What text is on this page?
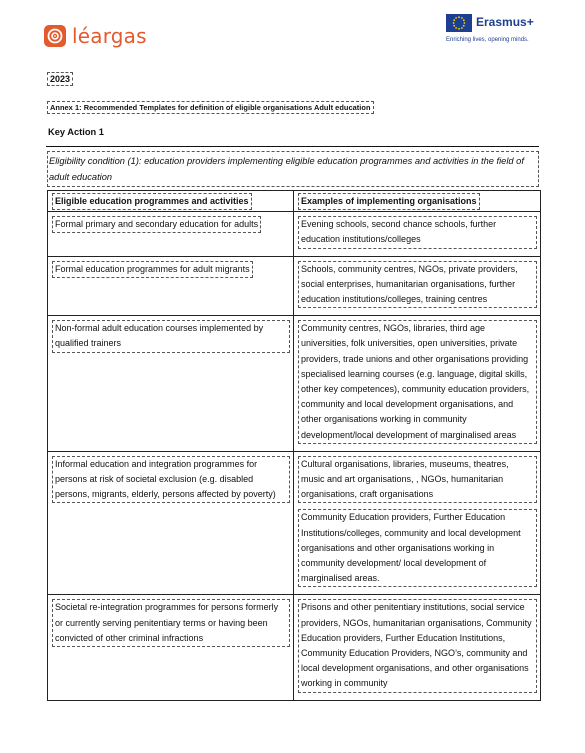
léargas
Erasmus+
Enriching lives, opening minds.
2023
Annex 1: Recommended Templates for definition of eligible organisations Adult education
Key Action 1
Eligibility condition (1): education providers implementing eligible education programmes and activities in the field of adult education
Eligible education programmes and activities	Examples of implementing organisations
Formal primary and secondary education for adults	Evening schools, second chance schools, further education institutions/colleges

Formal education programmes for adult migrants	Schools, community centres, NGOs, private providers, social enterprises, humanitarian organisations, further education institutions/colleges, training centres

Non-formal adult education courses implemented by qualified trainers	Community centres, NGOs, libraries, third age universities, folk universities, open universities, private providers, trade unions and other organisations providing specialised learning courses (e.g. language, digital skills, other key competences), community education providers, community and local development organisations, and other organisations working in community development/local development of marginalised areas

Informal education and integration programmes for persons at risk of societal exclusion (e.g. disabled persons, migrants, elderly, persons affected by poverty)	Cultural organisations, libraries, museums, theatres, music and art organisations, , NGOs, humanitarian organisations, craft organisations
Community Education providers, Further Education Institutions/colleges, community and local development organisations and other organisations working in community development/ local development of marginalised areas.

Societal re-integration programmes for persons formerly or currently serving penitentiary terms or having been convicted of other criminal infractions	Prisons and other penitentiary institutions, social service providers, NGOs, humanitarian organisations, Community Education providers, Further Education Institutions, Community Education Providers, NGO’s, community and local development organisations, and other organisations working in community
